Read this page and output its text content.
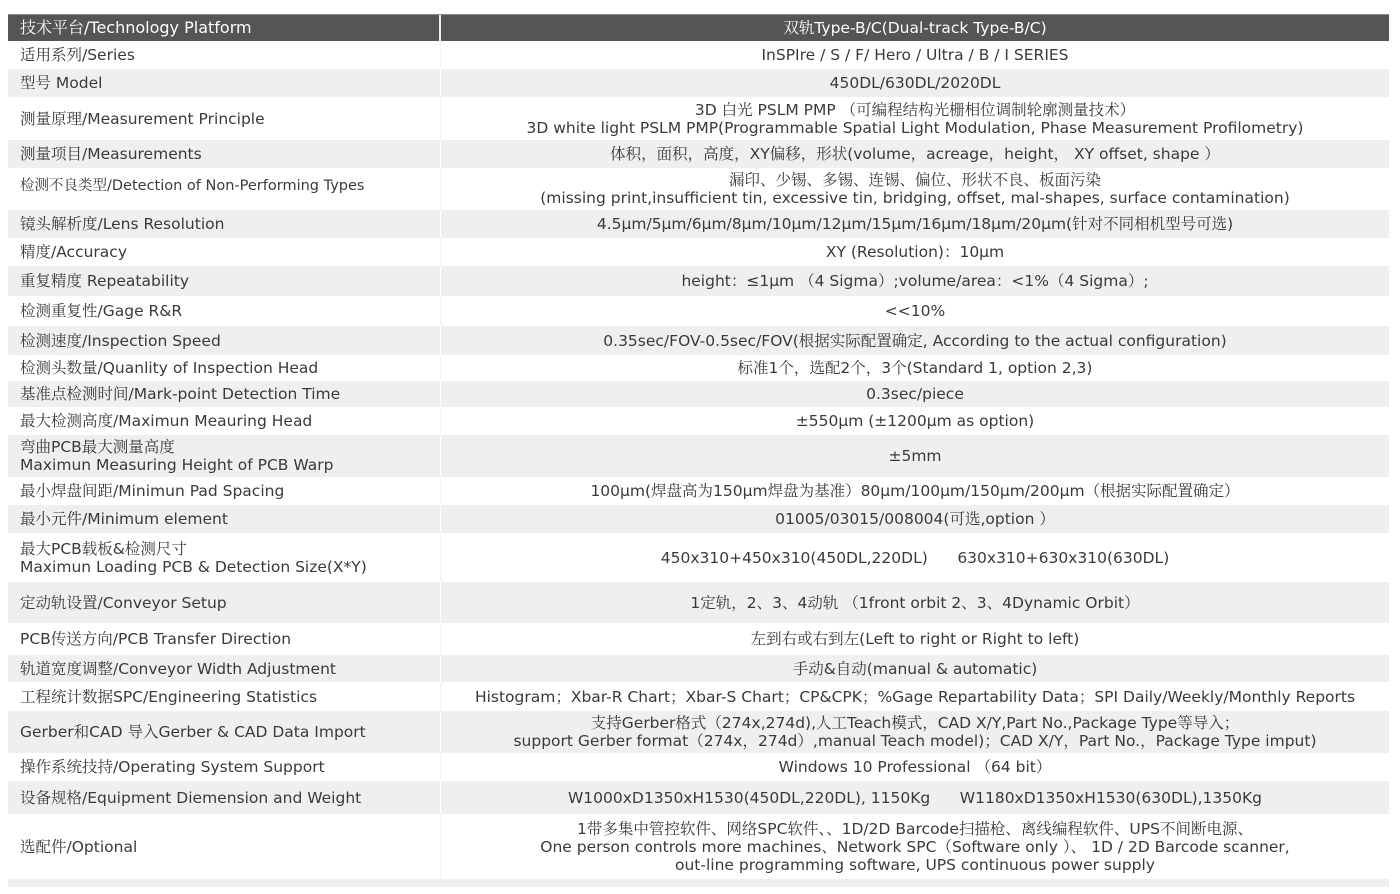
技术平台/Technology Platform	双轨Type-B/C(Dual-track Type-B/C)
适用系列/Series	InSPIre / S / F/ Hero / Ultra / B / I SERIES
型号 Model	450DL/630DL/2020DL
测量原理/Measurement Principle	3D 白光 PSLM PMP （可编程结构光栅相位调制轮廓测量技术）
3D white light PSLM PMP(Programmable Spatial Light Modulation, Phase Measurement Profilometry)
测量项目/Measurements	体积，面积，高度，XY偏移，形状(volume，acreage，height， XY offset, shape ）
检测不良类型/Detection of Non-Performing Types	漏印、少锡、多锡、连锡、偏位、形状不良、板面污染
(missing print,insufficient tin, excessive tin, bridging, offset, mal-shapes, surface contamination)
镜头解析度/Lens Resolution	4.5µm/5µm/6µm/8µm/10µm/12µm/15µm/16µm/18µm/20µm(针对不同相机型号可选)
精度/Accuracy	XY (Resolution)：10µm
重复精度 Repeatability	height：≤1µm （4 Sigma）;volume/area：<1%（4 Sigma）;
检测重复性/Gage R&R	<<10%
检测速度/Inspection Speed	0.35sec/FOV-0.5sec/FOV(根据实际配置确定, According to the actual configuration)
检测头数量/Quanlity of Inspection Head	标准1个，选配2个，3个(Standard 1, option 2,3)
基准点检测时间/Mark-point Detection Time	0.3sec/piece
最大检测高度/Maximun Meauring Head	±550µm (±1200µm as option)
弯曲PCB最大测量高度
Maximun Measuring Height of PCB Warp	±5mm
最小焊盘间距/Minimun Pad Spacing	100µm(焊盘高为150µm焊盘为基准）80µm/100µm/150µm/200µm（根据实际配置确定）
最小元件/Minimum element	01005/03015/008004(可选,option ）
最大PCB载板&检测尺寸
Maximun Loading PCB & Detection Size(X*Y)	450x310+450x310(450DL,220DL)      630x310+630x310(630DL)
定动轨设置/Conveyor Setup	1定轨，2、3、4动轨 （1front orbit 2、3、4Dynamic Orbit）
PCB传送方向/PCB Transfer Direction	左到右或右到左(Left to right or Right to left)
轨道宽度调整/Conveyor Width Adjustment	手动&自动(manual & automatic)
工程统计数据SPC/Engineering Statistics	Histogram；Xbar-R Chart；Xbar-S Chart；CP&CPK；%Gage Repartability Data；SPI Daily/Weekly/Monthly Reports
Gerber和CAD 导入Gerber & CAD Data Import	支持Gerber格式（274x,274d),人工Teach模式，CAD X/Y,Part No.,Package Type等导入；
support Gerber format（274x，274d）,manual Teach model)；CAD X/Y，Part No.，Package Type imput)
操作系统技持/Operating System Support	Windows 10 Professional （64 bit）
设备规格/Equipment Diemension and Weight	W1000xD1350xH1530(450DL,220DL), 1150Kg      W1180xD1350xH1530(630DL),1350Kg
选配件/Optional
1带多集中管控软件、网络SPC软件、、1D/2D Barcode扫描枪、离线编程软件、UPS不间断电源、
One person controls more machines、Network SPC（Software only ）、 1D / 2D Barcode scanner,
out-line programming software, UPS continuous power supply
